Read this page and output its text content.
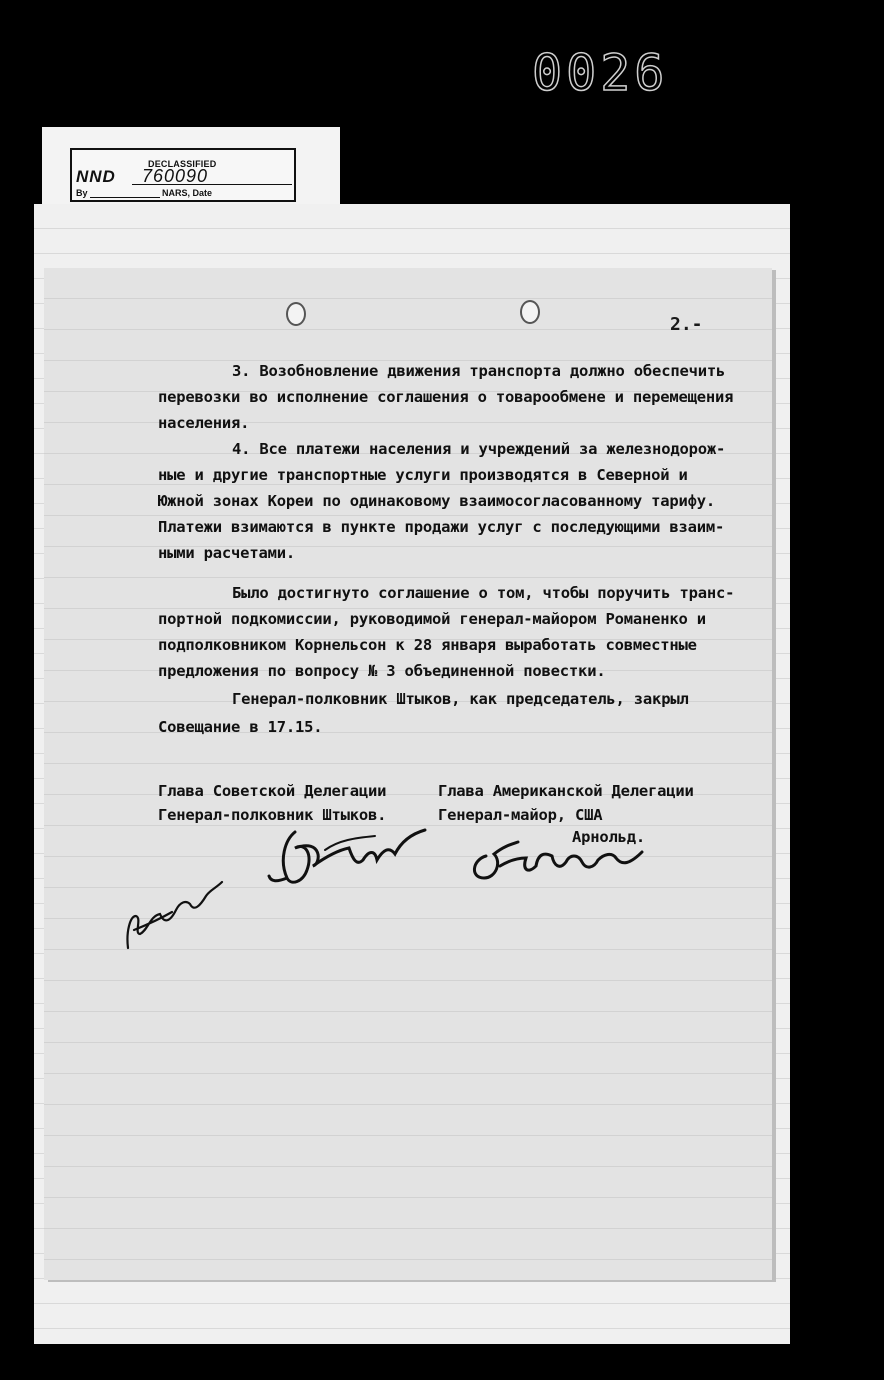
0026
DECLASSIFIED
NND 760090
By	NARS, Date
2.-
3. Возобновление движения транспорта должно обеспечить
перевозки во исполнение соглашения о товарообмене и перемещения
населения.
4. Все платежи населения и учреждений за железнодорож-
ные и другие транспортные услуги производятся в Северной и
Южной зонах Кореи по одинаковому взаимосогласованному тарифу.
Платежи взимаются в пункте продажи услуг с последующими взаим-
ными расчетами.
Было достигнуто соглашение о том, чтобы поручить транс-
портной подкомиссии, руководимой генерал-майором Романенко и
подполковником Корнельсон к 28 января выработать совместные
предложения по вопросу № 3 объединенной повестки.
Генерал-полковник Штыков, как председатель, закрыл
Совещание в 17.15.
Глава Советской Делегации
Генерал-полковник Штыков.
Глава Американской Делегации
Генерал-майор, США
Арнольд.
